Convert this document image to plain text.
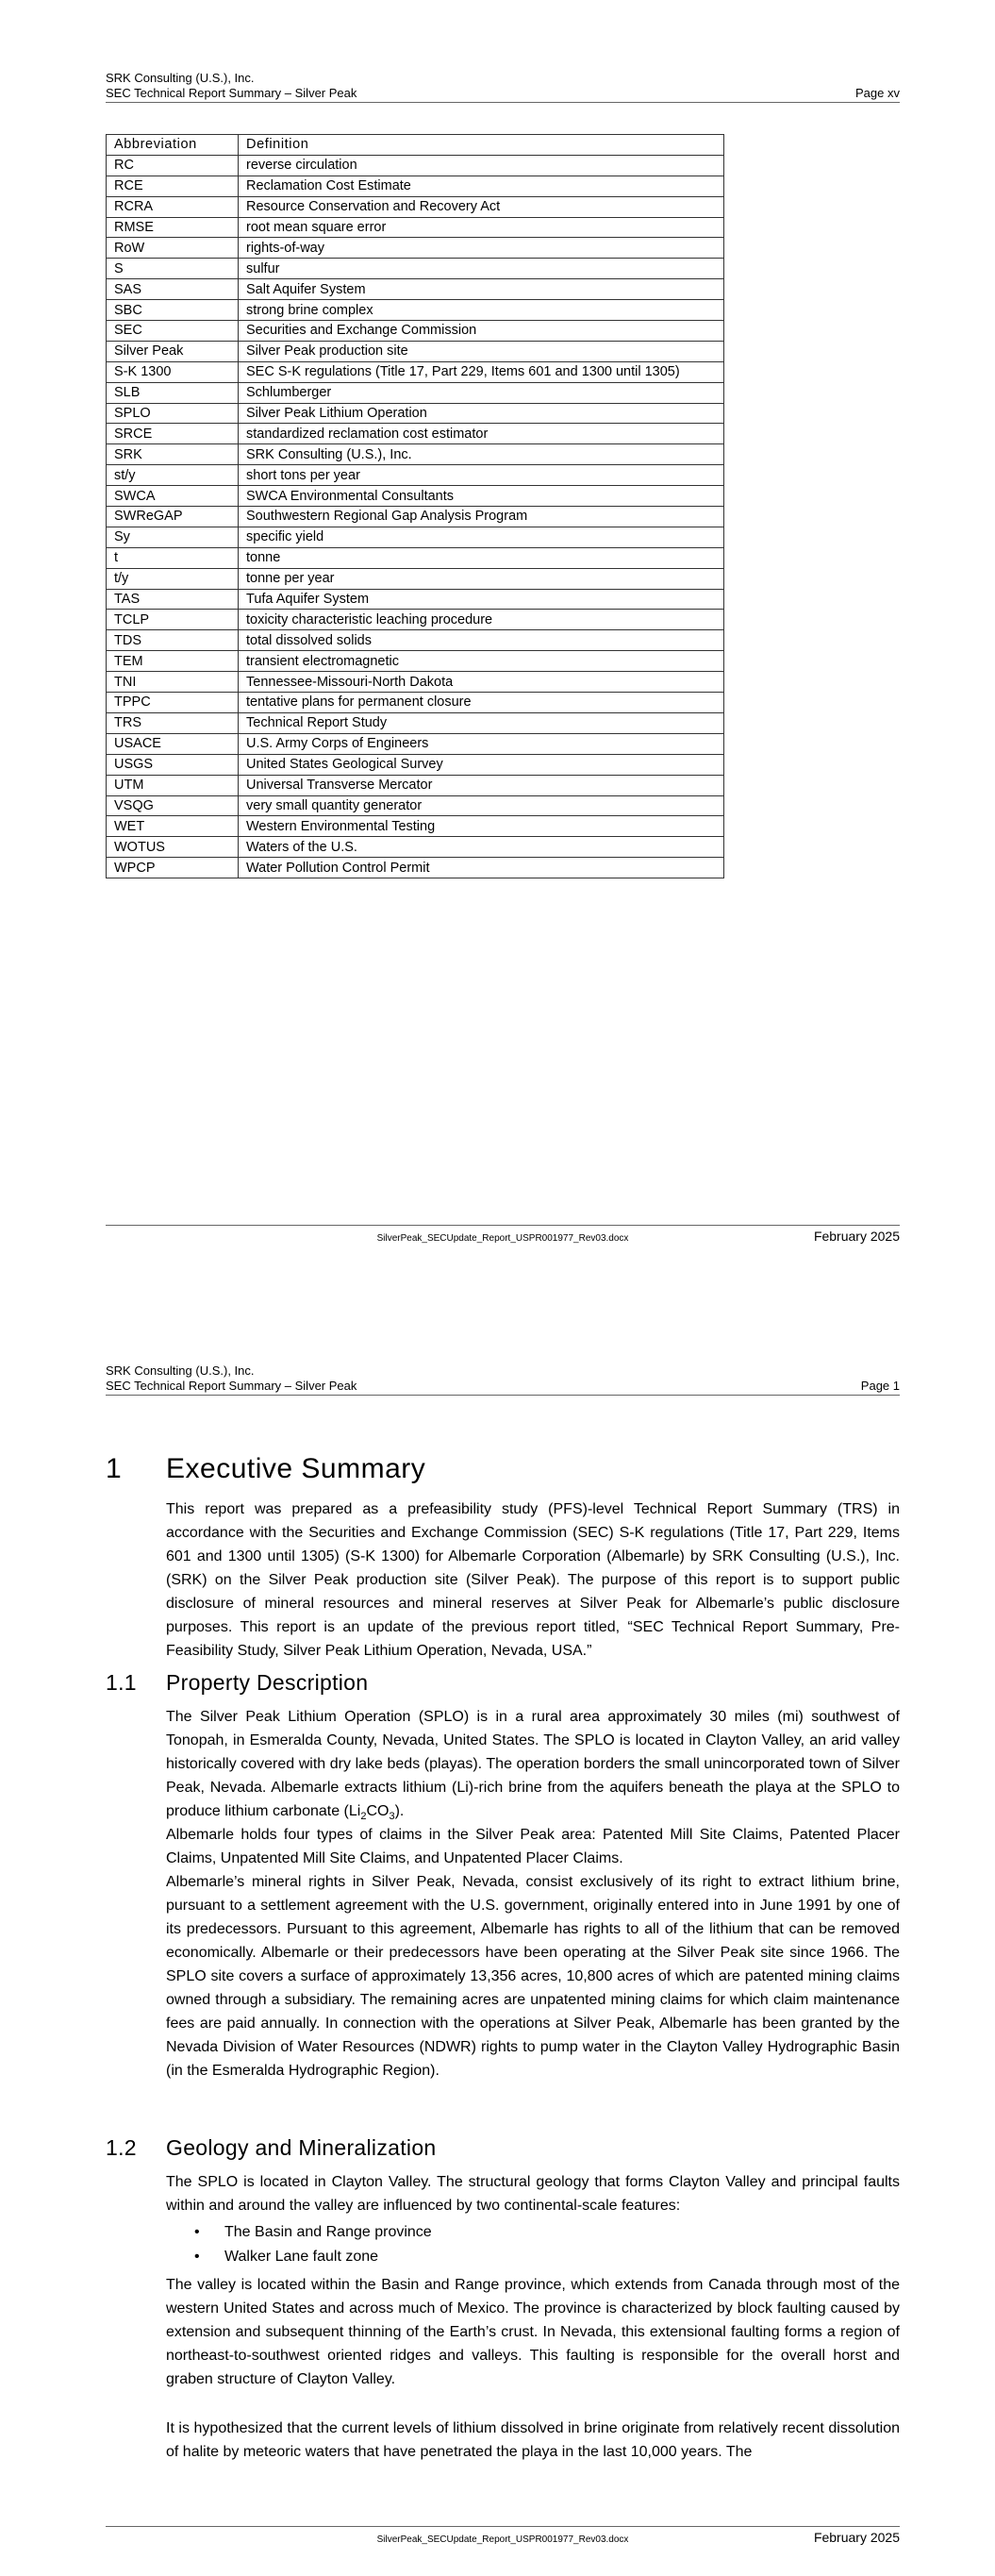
SRK Consulting (U.S.), Inc.
SEC Technical Report Summary – Silver Peak	Page xv
Abbreviation	Definition
RC	reverse circulation
RCE	Reclamation Cost Estimate
RCRA	Resource Conservation and Recovery Act
RMSE	root mean square error
RoW	rights-of-way
S	sulfur
SAS	Salt Aquifer System
SBC	strong brine complex
SEC	Securities and Exchange Commission
Silver Peak	Silver Peak production site
S-K 1300	SEC S-K regulations (Title 17, Part 229, Items 601 and 1300 until 1305)
SLB	Schlumberger
SPLO	Silver Peak Lithium Operation
SRCE	standardized reclamation cost estimator
SRK	SRK Consulting (U.S.), Inc.
st/y	short tons per year
SWCA	SWCA Environmental Consultants
SWReGAP	Southwestern Regional Gap Analysis Program
Sy	specific yield
t	tonne
t/y	tonne per year
TAS	Tufa Aquifer System
TCLP	toxicity characteristic leaching procedure
TDS	total dissolved solids
TEM	transient electromagnetic
TNI	Tennessee-Missouri-North Dakota
TPPC	tentative plans for permanent closure
TRS	Technical Report Study
USACE	U.S. Army Corps of Engineers
USGS	United States Geological Survey
UTM	Universal Transverse Mercator
VSQG	very small quantity generator
WET	Western Environmental Testing
WOTUS	Waters of the U.S.
WPCP	Water Pollution Control Permit
SilverPeak_SECUpdate_Report_USPR001977_Rev03.docx	February 2025
SRK Consulting (U.S.), Inc.
SEC Technical Report Summary – Silver Peak	Page 1
1 Executive Summary

This report was prepared as a prefeasibility study (PFS)-level Technical Report Summary (TRS) in accordance with the Securities and Exchange Commission (SEC) S-K regulations (Title 17, Part 229, Items 601 and 1300 until 1305) (S-K 1300) for Albemarle Corporation (Albemarle) by SRK Consulting (U.S.), Inc. (SRK) on the Silver Peak production site (Silver Peak). The purpose of this report is to support public disclosure of mineral resources and mineral reserves at Silver Peak for Albemarle’s public disclosure purposes. This report is an update of the previous report titled, “SEC Technical Report Summary, Pre-Feasibility Study, Silver Peak Lithium Operation, Nevada, USA.”

1.1 Property Description

The Silver Peak Lithium Operation (SPLO) is in a rural area approximately 30 miles (mi) southwest of Tonopah, in Esmeralda County, Nevada, United States. The SPLO is located in Clayton Valley, an arid valley historically covered with dry lake beds (playas). The operation borders the small unincorporated town of Silver Peak, Nevada. Albemarle extracts lithium (Li)-rich brine from the aquifers beneath the playa at the SPLO to produce lithium carbonate $(Li_2CO_3)$.

Albemarle holds four types of claims in the Silver Peak area: Patented Mill Site Claims, Patented Placer Claims, Unpatented Mill Site Claims, and Unpatented Placer Claims.

Albemarle’s mineral rights in Silver Peak, Nevada, consist exclusively of its right to extract lithium brine, pursuant to a settlement agreement with the U.S. government, originally entered into in June 1991 by one of its predecessors. Pursuant to this agreement, Albemarle has rights to all of the lithium that can be removed economically. Albemarle or their predecessors have been operating at the Silver Peak site since 1966. The SPLO site covers a surface of approximately 13,356 acres, 10,800 acres of which are patented mining claims owned through a subsidiary. The remaining acres are unpatented mining claims for which claim maintenance fees are paid annually. In connection with the operations at Silver Peak, Albemarle has been granted by the Nevada Division of Water Resources (NDWR) rights to pump water in the Clayton Valley Hydrographic Basin (in the Esmeralda Hydrographic Region).

1.2 Geology and Mineralization

The SPLO is located in Clayton Valley. The structural geology that forms Clayton Valley and principal faults within and around the valley are influenced by two continental-scale features:

• The Basin and Range province
• Walker Lane fault zone

The valley is located within the Basin and Range province, which extends from Canada through most of the western United States and across much of Mexico. The province is characterized by block faulting caused by extension and subsequent thinning of the Earth’s crust. In Nevada, this extensional faulting forms a region of northeast-to-southwest oriented ridges and valleys. This faulting is responsible for the overall horst and graben structure of Clayton Valley.

It is hypothesized that the current levels of lithium dissolved in brine originate from relatively recent dissolution of halite by meteoric waters that have penetrated the playa in the last 10,000 years. The

SilverPeak_SECUpdate_Report_USPR001977_Rev03.docx	February 2025
